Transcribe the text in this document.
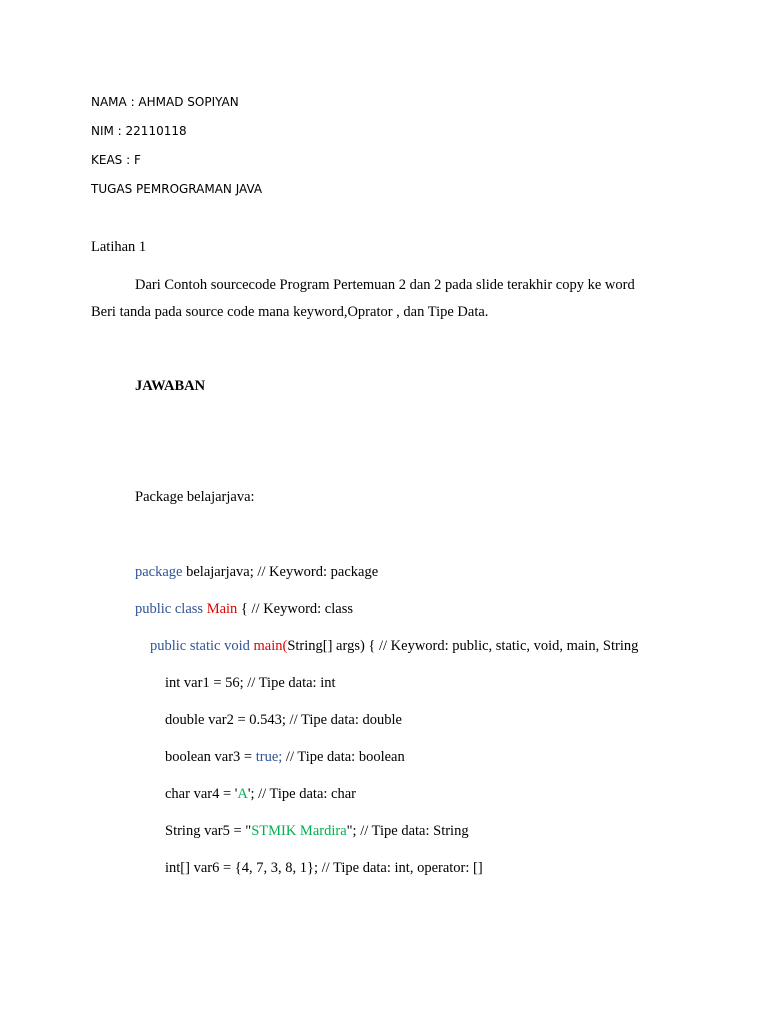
NAMA : AHMAD SOPIYAN
NIM : 22110118
KEAS : F
TUGAS PEMROGRAMAN JAVA
Latihan 1
Dari Contoh sourcecode Program Pertemuan 2 dan 2 pada slide terakhir copy ke word
Beri tanda pada source code mana keyword,Oprator , dan Tipe Data.
JAWABAN
Package belajarjava:
package belajarjava; // Keyword: package
public class Main { // Keyword: class
public static void main(String[] args) { // Keyword: public, static, void, main, String
int var1 = 56; // Tipe data: int
double var2 = 0.543; // Tipe data: double
boolean var3 = true; // Tipe data: boolean
char var4 = 'A'; // Tipe data: char
String var5 = "STMIK Mardira"; // Tipe data: String
int[] var6 = {4, 7, 3, 8, 1}; // Tipe data: int, operator: []
